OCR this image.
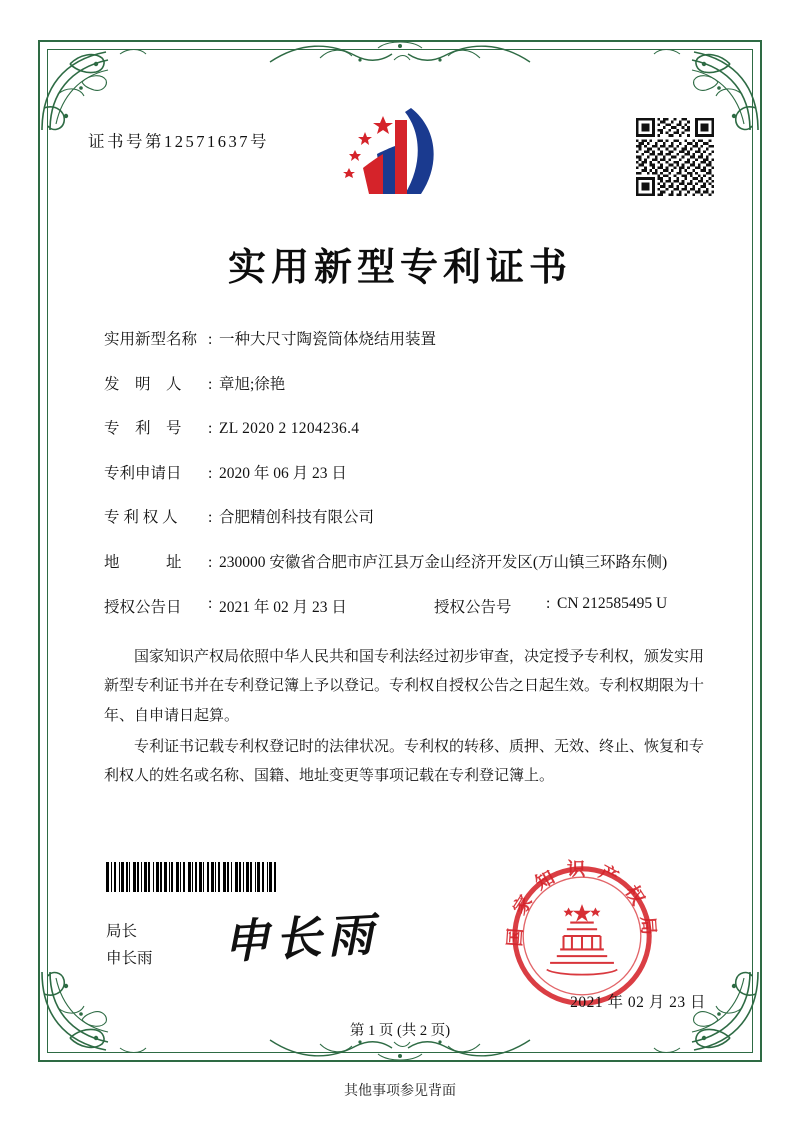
证书号第12571637号
实用新型专利证书
实用新型名称 : 一种大尺寸陶瓷筒体烧结用装置
发　明　人	: 章旭;徐艳
专　利　号	: ZL 2020 2 1204236.4
专利申请日	: 2020 年 06 月 23 日
专 利 权 人	: 合肥精创科技有限公司
地　　　址	: 230000 安徽省合肥市庐江县万金山经济开发区(万山镇三环路东侧)
授权公告日	: 2021 年 02 月 23 日	授权公告号	: CN 212585495 U

国家知识产权局依照中华人民共和国专利法经过初步审查，决定授予专利权，颁发实用新型专利证书并在专利登记簿上予以登记。专利权自授权公告之日起生效。专利权期限为十年、自申请日起算。

专利证书记载专利权登记时的法律状况。专利权的转移、质押、无效、终止、恢复和专利权人的姓名或名称、国籍、地址变更等事项记载在专利登记簿上。

局长
申长雨 申长雨	国家知识产权局
2021 年 02 月 23 日
第 1 页 (共 2 页)
其他事项参见背面
